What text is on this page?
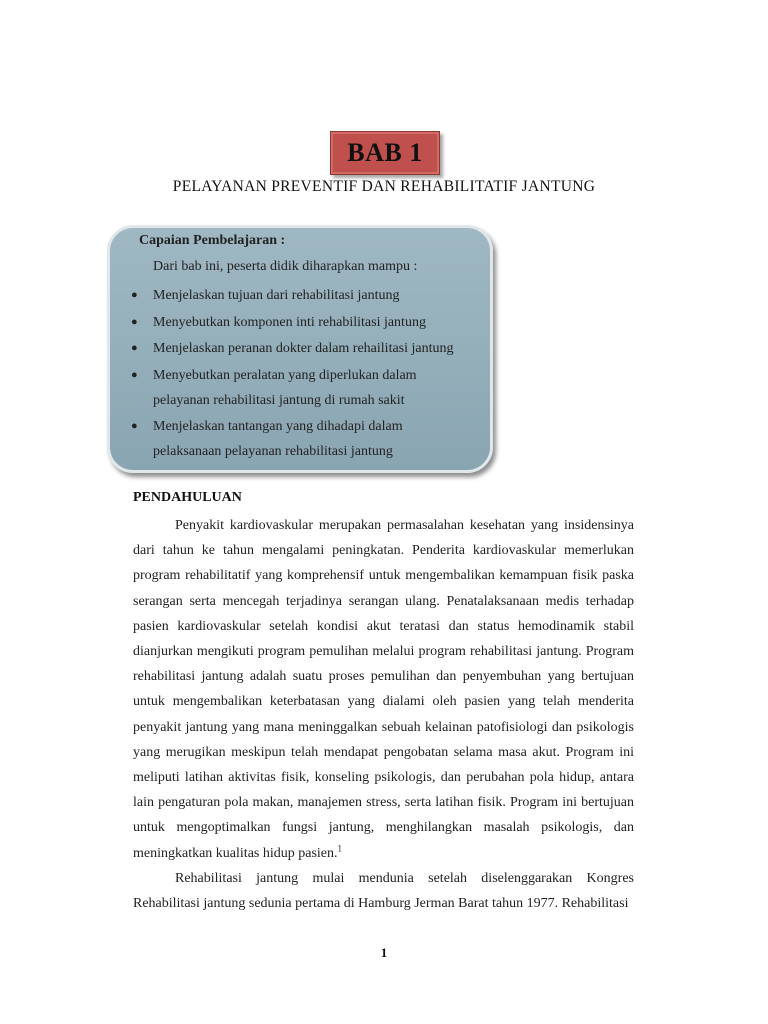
BAB 1
PELAYANAN PREVENTIF DAN REHABILITATIF JANTUNG
Capaian Pembelajaran :
Dari bab ini, peserta didik diharapkan mampu :
● Menjelaskan tujuan dari rehabilitasi jantung
● Menyebutkan komponen inti rehabilitasi jantung
● Menjelaskan peranan dokter dalam rehailitasi jantung
● Menyebutkan peralatan yang diperlukan dalam pelayanan rehabilitasi jantung di rumah sakit
● Menjelaskan tantangan yang dihadapi dalam pelaksanaan pelayanan rehabilitasi jantung
PENDAHULUAN

Penyakit kardiovaskular merupakan permasalahan kesehatan yang insidensinya dari tahun ke tahun mengalami peningkatan. Penderita kardiovaskular memerlukan program rehabilitatif yang komprehensif untuk mengembalikan kemampuan fisik paska serangan serta mencegah terjadinya serangan ulang. Penatalaksanaan medis terhadap pasien kardiovaskular setelah kondisi akut teratasi dan status hemodinamik stabil dianjurkan mengikuti program pemulihan melalui program rehabilitasi jantung. Program rehabilitasi jantung adalah suatu proses pemulihan dan penyembuhan yang bertujuan untuk mengembalikan keterbatasan yang dialami oleh pasien yang telah menderita penyakit jantung yang mana meninggalkan sebuah kelainan patofisiologi dan psikologis yang merugikan meskipun telah mendapat pengobatan selama masa akut. Program ini meliputi latihan aktivitas fisik, konseling psikologis, dan perubahan pola hidup, antara lain pengaturan pola makan, manajemen stress, serta latihan fisik. Program ini bertujuan untuk mengoptimalkan fungsi jantung, menghilangkan masalah psikologis, dan meningkatkan kualitas hidup pasien.$^1$

Rehabilitasi jantung mulai mendunia setelah diselenggarakan Kongres Rehabilitasi jantung sedunia pertama di Hamburg Jerman Barat tahun 1977. Rehabilitasi

1
